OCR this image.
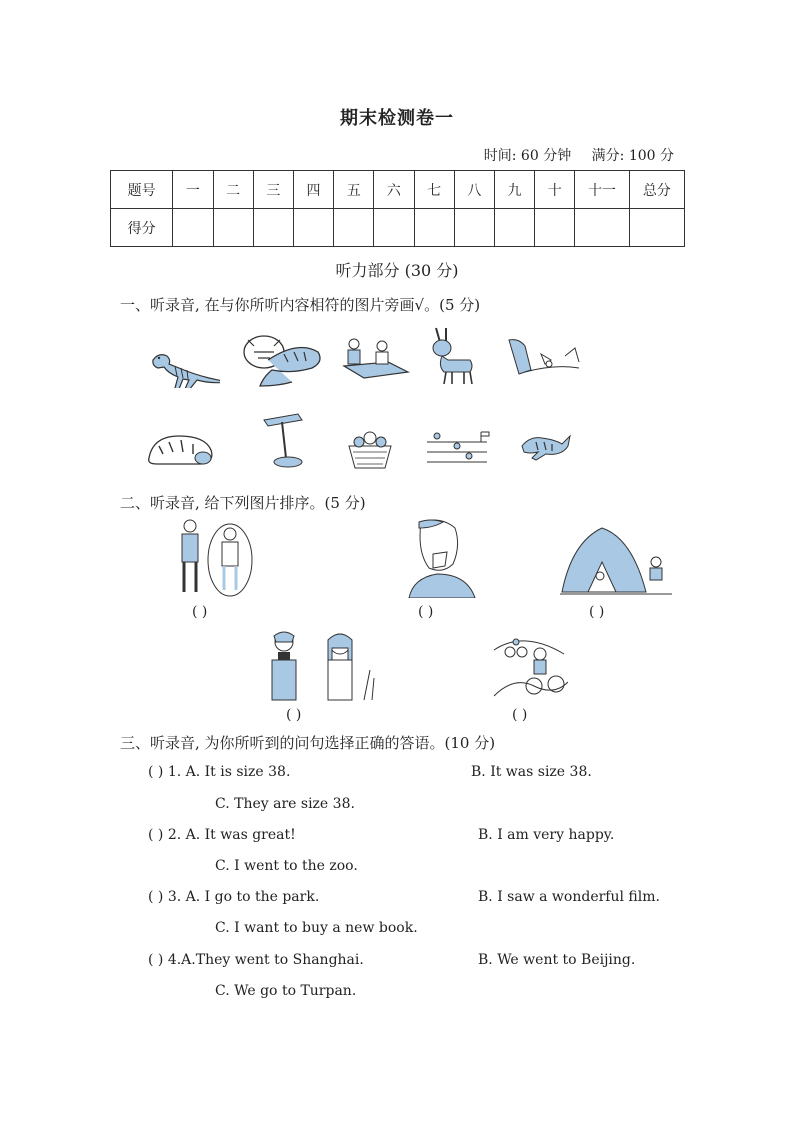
期末检测卷一
时间: 60 分钟 满分: 100 分
题号	一	二	三	四	五	六	七	八	九	十	十一	总分
得分												
听力部分 (30 分)
一、听录音, 在与你所听内容相符的图片旁画√。(5 分)
二、听录音, 给下列图片排序。(5 分)
( )	( )	( )
( )	( )
三、听录音, 为你所听到的问句选择正确的答语。(10 分)
( ) 1. A. It is size 38.	B. It was size 38.
C. They are size 38.
( ) 2. A. It was great!	B. I am very happy.
C. I went to the zoo.
( ) 3. A. I go to the park.	B. I saw a wonderful film.
C. I want to buy a new book.
( ) 4.A.They went to Shanghai.	B. We went to Beijing.
C. We go to Turpan.
